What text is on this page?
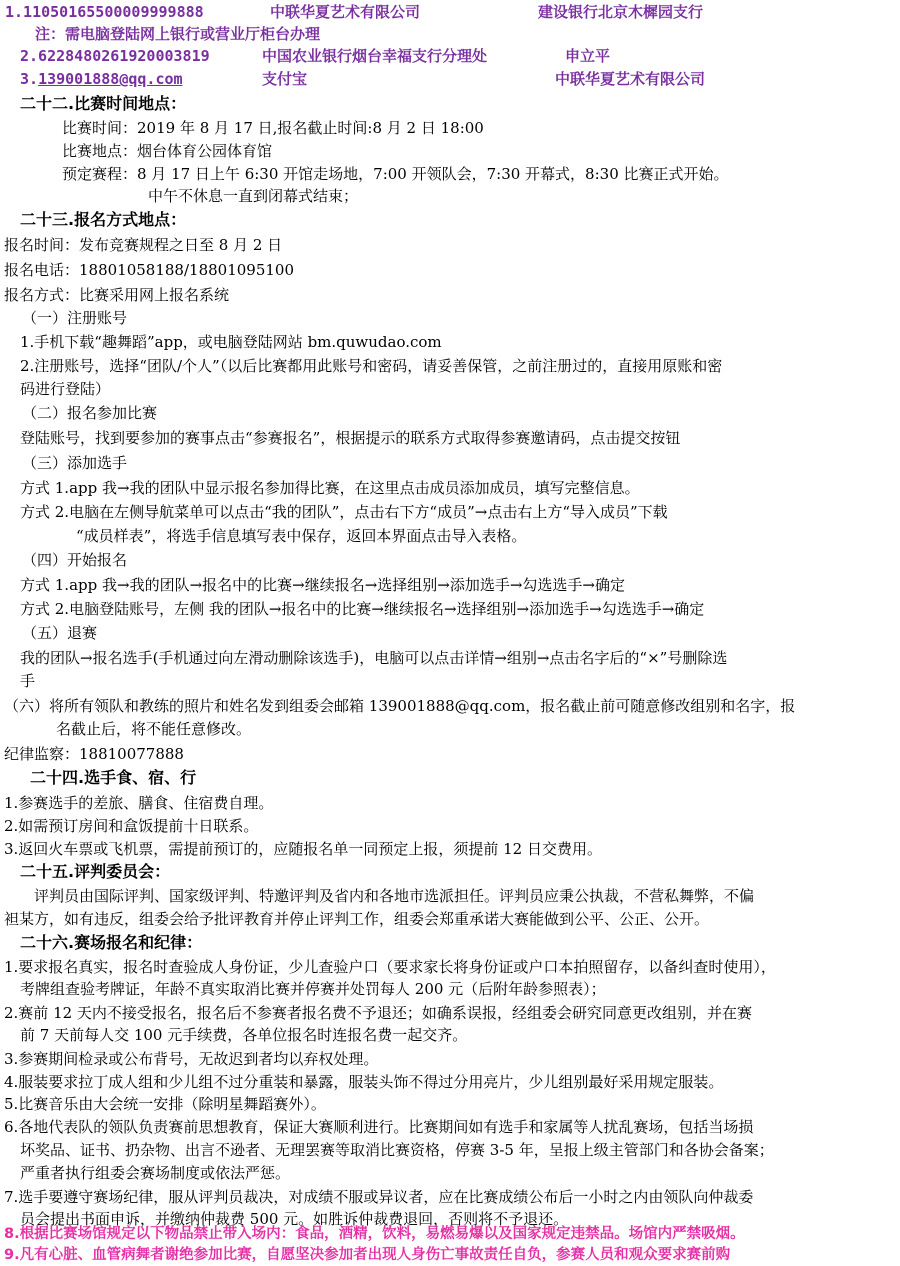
1.11050165500009999888	中联华夏艺术有限公司	建设银行北京木樨园支行
注：需电脑登陆网上银行或营业厅柜台办理
2.6228480261920003819	中国农业银行烟台幸福支行分理处	申立平
3.139001888@qq.com	支付宝	中联华夏艺术有限公司
二十二.比赛时间地点：
比赛时间：2019 年 8 月 17 日,报名截止时间:8 月 2 日 18:00
比赛地点：烟台体育公园体育馆
预定赛程：8 月 17 日上午 6:30 开馆走场地，7:00 开领队会，7:30 开幕式，8:30 比赛正式开始。
中午不休息一直到闭幕式结束；
二十三.报名方式地点：
报名时间：发布竞赛规程之日至 8 月 2 日
报名电话：18801058188/18801095100
报名方式：比赛采用网上报名系统
（一）注册账号
1.手机下载“趣舞蹈”app，或电脑登陆网站 bm.quwudao.com
2.注册账号，选择“团队/个人”（以后比赛都用此账号和密码，请妥善保管，之前注册过的，直接用原账和密
码进行登陆）
（二）报名参加比赛
登陆账号，找到要参加的赛事点击“参赛报名”，根据提示的联系方式取得参赛邀请码，点击提交按钮
（三）添加选手
方式 1.app 我→我的团队中显示报名参加得比赛，在这里点击成员添加成员，填写完整信息。
方式 2.电脑在左侧导航菜单可以点击“我的团队”，点击右下方“成员”→点击右上方“导入成员”下载
“成员样表”，将选手信息填写表中保存，返回本界面点击导入表格。
（四）开始报名
方式 1.app 我→我的团队→报名中的比赛→继续报名→选择组别→添加选手→勾选选手→确定
方式 2.电脑登陆账号，左侧 我的团队→报名中的比赛→继续报名→选择组别→添加选手→勾选选手→确定
（五）退赛
我的团队→报名选手(手机通过向左滑动删除该选手)，电脑可以点击详情→组别→点击名字后的“×”号删除选
手
（六）将所有领队和教练的照片和姓名发到组委会邮箱 139001888@qq.com，报名截止前可随意修改组别和名字，报
名截止后，将不能任意修改。
纪律监察：18810077888
二十四.选手食、宿、行
1.参赛选手的差旅、膳食、住宿费自理。
2.如需预订房间和盒饭提前十日联系。
3.返回火车票或飞机票，需提前预订的，应随报名单一同预定上报，须提前 12 日交费用。
二十五.评判委员会：
评判员由国际评判、国家级评判、特邀评判及省内和各地市选派担任。评判员应秉公执裁，不营私舞弊，不偏
袒某方，如有违反，组委会给予批评教育并停止评判工作，组委会郑重承诺大赛能做到公平、公正、公开。
二十六.赛场报名和纪律：
1.要求报名真实，报名时查验成人身份证，少儿查验户口（要求家长将身份证或户口本拍照留存，以备纠查时使用），
考牌组查验考牌证，年龄不真实取消比赛并停赛并处罚每人 200 元（后附年龄参照表）；
2.赛前 12 天内不接受报名，报名后不参赛者报名费不予退还；如确系误报，经组委会研究同意更改组别，并在赛
前 7 天前每人交 100 元手续费，各单位报名时连报名费一起交齐。
3.参赛期间检录或公布背号，无故迟到者均以弃权处理。
4.服装要求拉丁成人组和少儿组不过分重装和暴露，服装头饰不得过分用亮片，少儿组别最好采用规定服装。
5.比赛音乐由大会统一安排（除明星舞蹈赛外）。
6.各地代表队的领队负责赛前思想教育，保证大赛顺利进行。比赛期间如有选手和家属等人扰乱赛场，包括当场损
坏奖品、证书、扔杂物、出言不逊者、无理罢赛等取消比赛资格，停赛 3-5 年，呈报上级主管部门和各协会备案；
严重者执行组委会赛场制度或依法严惩。
7.选手要遵守赛场纪律，服从评判员裁决，对成绩不服或异议者，应在比赛成绩公布后一小时之内由领队向仲裁委
员会提出书面申诉，并缴纳仲裁费 500 元。如胜诉仲裁费退回，否则将不予退还。
8.根据比赛场馆规定以下物品禁止带入场内：食品，酒精，饮料，易燃易爆以及国家规定违禁品。场馆内严禁吸烟。
9.凡有心脏、血管病舞者谢绝参加比赛，自愿坚决参加者出现人身伤亡事故责任自负，参赛人员和观众要求赛前购
